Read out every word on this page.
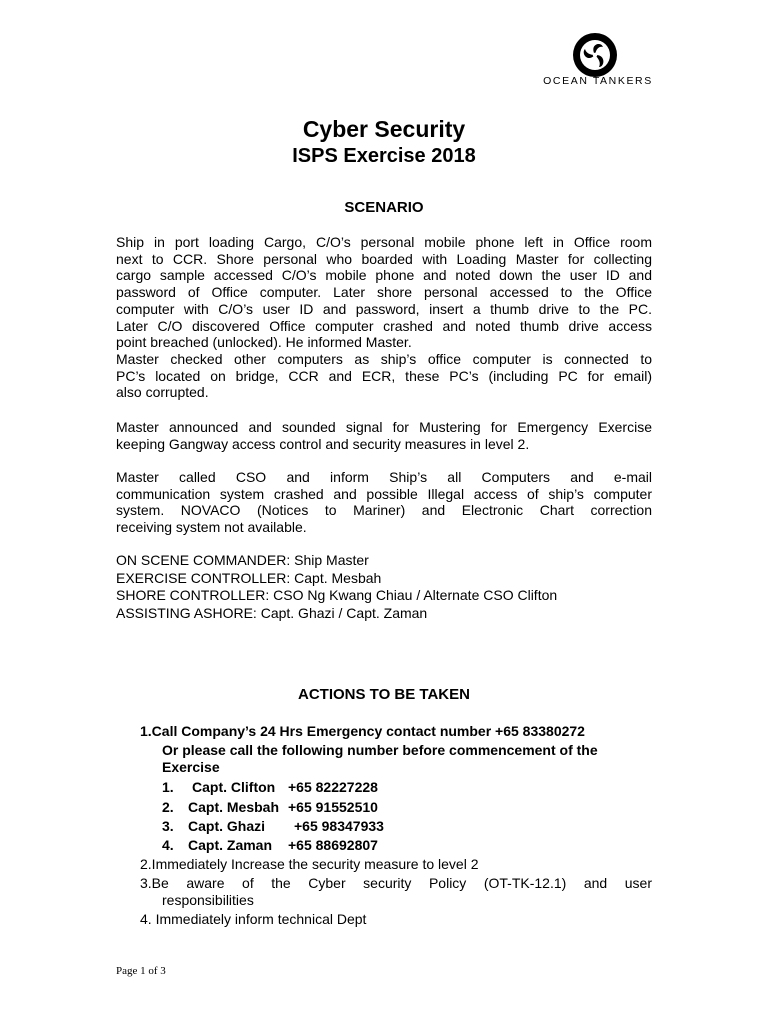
OCEAN TANKERS
Cyber Security
ISPS Exercise 2018
SCENARIO
Ship in port loading Cargo, C/O’s personal mobile phone left in Office room
next to CCR. Shore personal who boarded with Loading Master for collecting
cargo sample accessed C/O’s mobile phone and noted down the user ID and
password of Office computer. Later shore personal accessed to the Office
computer with C/O’s user ID and password, insert a thumb drive to the PC.
Later C/O discovered Office computer crashed and noted thumb drive access
point breached (unlocked). He informed Master.
Master checked other computers as ship’s office computer is connected to
PC’s located on bridge, CCR and ECR, these PC’s (including PC for email)
also corrupted.
Master announced and sounded signal for Mustering for Emergency Exercise
keeping Gangway access control and security measures in level 2.
Master called CSO and inform Ship’s all Computers and e-mail
communication system crashed and possible Illegal access of ship’s computer
system. NOVACO (Notices to Mariner) and Electronic Chart correction
receiving system not available.
ON SCENE COMMANDER: Ship Master
EXERCISE CONTROLLER: Capt. Mesbah
SHORE CONTROLLER: CSO Ng Kwang Chiau / Alternate CSO Clifton
ASSISTING ASHORE: Capt. Ghazi / Capt. Zaman
ACTIONS TO BE TAKEN
1.Call Company’s 24 Hrs Emergency contact number +65 83380272
Or please call the following number before commencement of the
Exercise
1. Capt. Clifton +65 82227228
2. Capt. Mesbah +65 91552510
3. Capt. Ghazi +65 98347933
4. Capt. Zaman +65 88692807
2.Immediately Increase the security measure to level 2
3.Be aware of the Cyber security Policy (OT-TK-12.1) and user
responsibilities
4. Immediately inform technical Dept
Page 1 of 3
